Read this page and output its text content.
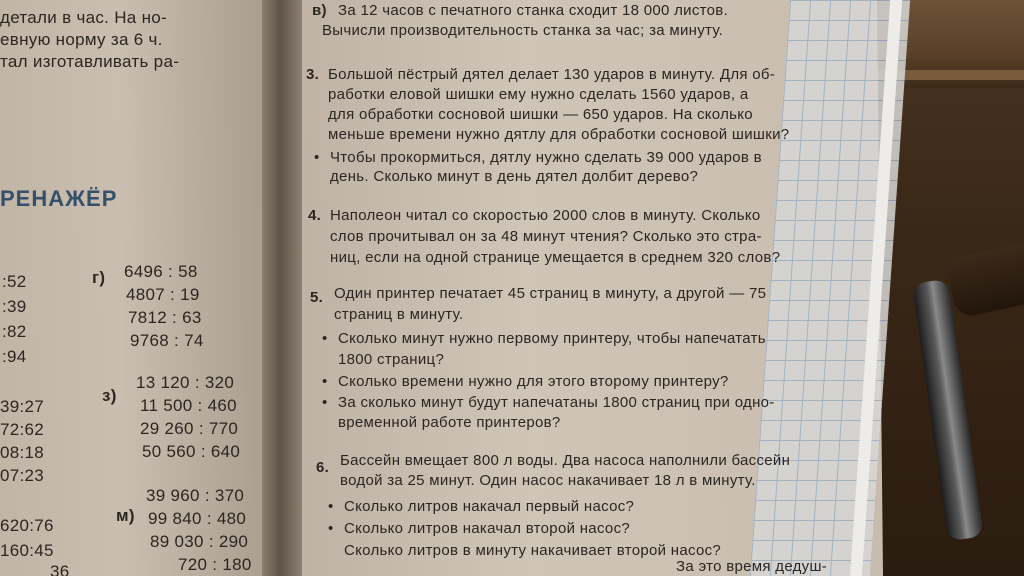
детали в час. На но-
евную норму за 6 ч.
тал изготавливать ра-
РЕНАЖЁР
:52
:39
:82
:94
39:27
72:62
08:18
07:23
620:76
160:45
36
г)
з)
м)
6496 : 58
4807 : 19
7812 : 63
9768 : 74
13 120 : 320
11 500 : 460
29 260 : 770
50 560 : 640
39 960 : 370
99 840 : 480
89 030 : 290
720 : 180
в) За 12 часов с печатного станка сходит 18 000 листов.
Вычисли производительность станка за час; за минуту.
3. Большой пёстрый дятел делает 130 ударов в минуту. Для об-
работки еловой шишки ему нужно сделать 1560 ударов, а
для обработки сосновой шишки — 650 ударов. На сколько
меньше времени нужно дятлу для обработки сосновой шишки?
• Чтобы прокормиться, дятлу нужно сделать 39 000 ударов в
день. Сколько минут в день дятел долбит дерево?
4. Наполеон читал со скоростью 2000 слов в минуту. Сколько
слов прочитывал он за 48 минут чтения? Сколько это стра-
ниц, если на одной странице умещается в среднем 320 слов?
5. Один принтер печатает 45 страниц в минуту, а другой — 75
страниц в минуту.
• Сколько минут нужно первому принтеру, чтобы напечатать
1800 страниц?
• Сколько времени нужно для этого второму принтеру?
• За сколько минут будут напечатаны 1800 страниц при одно-
временной работе принтеров?
6. Бассейн вмещает 800 л воды. Два насоса наполнили бассейн
водой за 25 минут. Один насос накачивает 18 л в минуту.
• Сколько литров накачал первый насос?
• Сколько литров накачал второй насос?
Сколько литров в минуту накачивает второй насос?
За это время дедуш-
